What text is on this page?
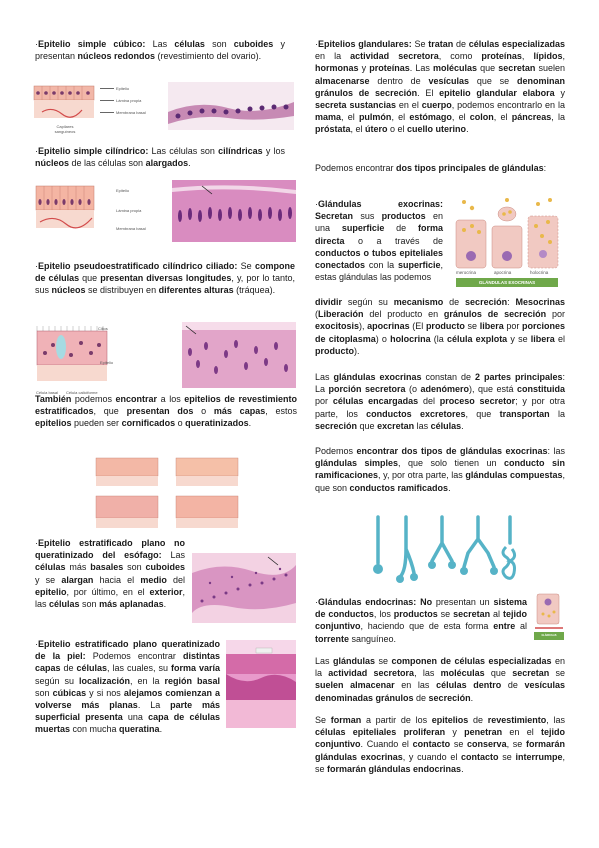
·Epitelio simple cúbico: Las células son cuboides y presentan núcleos redondos (revestimiento del ovario).

Epitelio
Lámina propia
Membrana basal
Capilares sanguíneos

·Epitelio simple cilíndrico: Las células son cilíndricas y los núcleos de las células son alargados.

Epitelio
Lámina propia
Membrana basal

·Epitelio pseudoestratificado cilíndrico ciliado: Se compone de células que presentan diversas longitudes, y, por lo tanto, sus núcleos se distribuyen en diferentes alturas (tráquea).

Cilios
Epitelio
Célula basal Célula caliciforme

También podemos encontrar a los epitelios de revestimiento estratificados, que presentan dos o más capas, estos epitelios pueden ser cornificados o queratinizados.

·Epitelio estratificado plano no queratinizado del esófago: Las células más basales son cuboides y se alargan hacia el medio del epitelio, por último, en el exterior, las células son más aplanadas.

·Epitelio estratificado plano queratinizado de la piel: Podemos encontrar distintas capas de células, las cuales, su forma varía según su localización, en la región basal son cúbicas y si nos alejamos comienzan a volverse más planas. La parte más superficial presenta una capa de células muertas con mucha queratina.

·Epitelios glandulares: Se tratan de células especializadas en la actividad secretora, como proteínas, lípidos, hormonas y proteínas. Las moléculas que secretan suelen almacenarse dentro de vesículas que se denominan gránulos de secreción. El epitelio glandular elabora y secreta sustancias en el cuerpo, podemos encontrarlo en la mama, el pulmón, el estómago, el colon, el páncreas, la próstata, el útero o el cuello uterino.

Podemos encontrar dos tipos principales de glándulas:

·Glándulas exocrinas: Secretan sus productos en una superficie de forma directa o a través de conductos o tubos epiteliales conectados con la superficie, estas glándulas las podemos

dividir según su mecanismo de secreción: Mesocrinas (Liberación del producto en gránulos de secreción por exocitosis), apocrinas (El producto se libera por porciones de citoplasma) o holocrina (la célula explota y se libera el producto).

merocrina	apocrina	holocrina
GLÁNDULAS EXOCRINAS

Las glándulas exocrinas constan de 2 partes principales: La porción secretora (o adenómero), que está constituida por células encargadas del proceso secretor; y por otra parte, los conductos excretores, que transportan la secreción que excretan las células.

Podemos encontrar dos tipos de glándulas exocrinas: las glándulas simples, que solo tienen un conducto sin ramificaciones, y, por otra parte, las glándulas compuestas, que son conductos ramificados.

·Glándulas endocrinas: No presentan un sistema de conductos, los productos se secretan al tejido conjuntivo, haciendo que de esta forma entre al torrente sanguíneo.	GLÁNDULAS ENDOCRINAS

Las glándulas se componen de células especializadas en la actividad secretora, las moléculas que secretan se suelen almacenar en las células dentro de vesículas denominadas gránulos de secreción.

Se forman a partir de los epitelios de revestimiento, las células epiteliales proliferan y penetran en el tejido conjuntivo. Cuando el contacto se conserva, se formarán glándulas exocrinas, y cuando el contacto se interrumpe, se formarán glándulas endocrinas.
